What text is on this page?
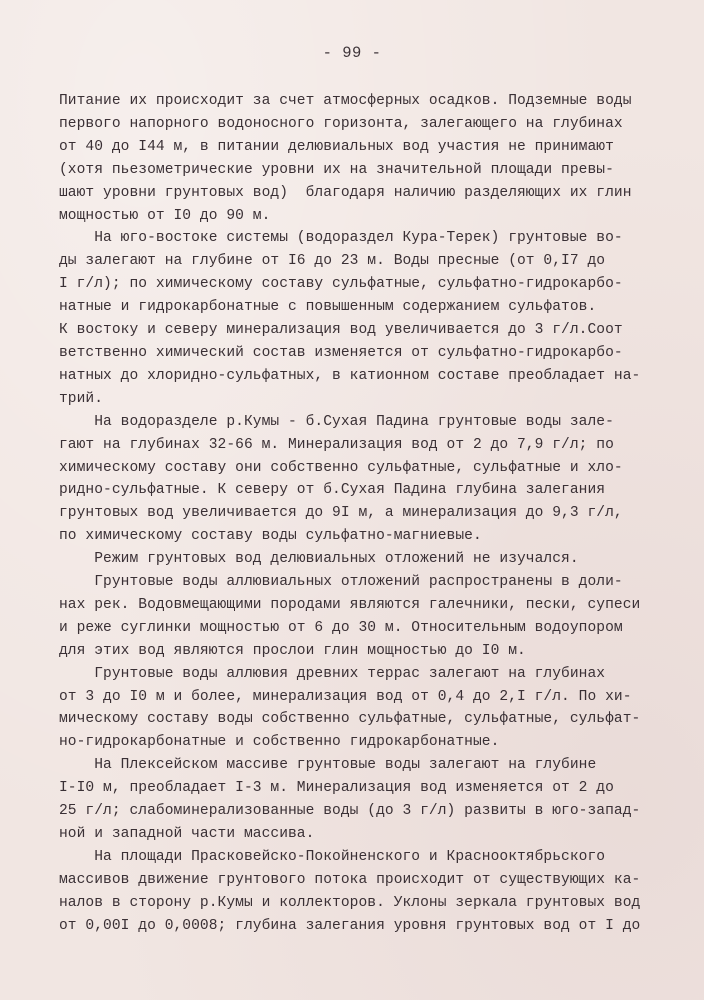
- 99 -
Питание их происходит за счет атмосферных осадков. Подземные воды
первого напорного водоносного горизонта, залегающего на глубинах
от 40 до I44 м, в питании делювиальных вод участия не принимают
(хотя пьезометрические уровни их на значительной площади превы-
шают уровни грунтовых вод)  благодаря наличию разделяющих их глин
мощностью от I0 до 90 м.
На юго-востоке системы (водораздел Кура-Терек) грунтовые во-
ды залегают на глубине от I6 до 23 м. Воды пресные (от 0,I7 до
I г/л); по химическому составу сульфатные, сульфатно-гидрокарбо-
натные и гидрокарбонатные с повышенным содержанием сульфатов.
К востоку и северу минерализация вод увеличивается до 3 г/л.Соот
ветственно химический состав изменяется от сульфатно-гидрокарбо-
натных до хлоридно-сульфатных, в катионном составе преобладает на-
трий.
На водоразделе р.Кумы - б.Сухая Падина грунтовые воды зале-
гают на глубинах 32-66 м. Минерализация вод от 2 до 7,9 г/л; по
химическому составу они собственно сульфатные, сульфатные и хло-
ридно-сульфатные. К северу от б.Сухая Падина глубина залегания
грунтовых вод увеличивается до 9I м, а минерализация до 9,3 г/л,
по химическому составу воды сульфатно-магниевые.
Режим грунтовых вод делювиальных отложений не изучался.
Грунтовые воды аллювиальных отложений распространены в доли-
нах рек. Водовмещающими породами являются галечники, пески, супеси
и реже суглинки мощностью от 6 до 30 м. Относительным водоупором
для этих вод являются прослои глин мощностью до I0 м.
Грунтовые воды аллювия древних террас залегают на глубинах
от 3 до I0 м и более, минерализация вод от 0,4 до 2,I г/л. По хи-
мическому составу воды собственно сульфатные, сульфатные, сульфат-
но-гидрокарбонатные и собственно гидрокарбонатные.
На Плексейском массиве грунтовые воды залегают на глубине
I-I0 м, преобладает I-3 м. Минерализация вод изменяется от 2 до
25 г/л; слабоминерализованные воды (до 3 г/л) развиты в юго-запад-
ной и западной части массива.
На площади Прасковейско-Покойненского и Краснооктябрьского
массивов движение грунтового потока происходит от существующих ка-
налов в сторону р.Кумы и коллекторов. Уклоны зеркала грунтовых вод
от 0,00I до 0,0008; глубина залегания уровня грунтовых вод от I до
